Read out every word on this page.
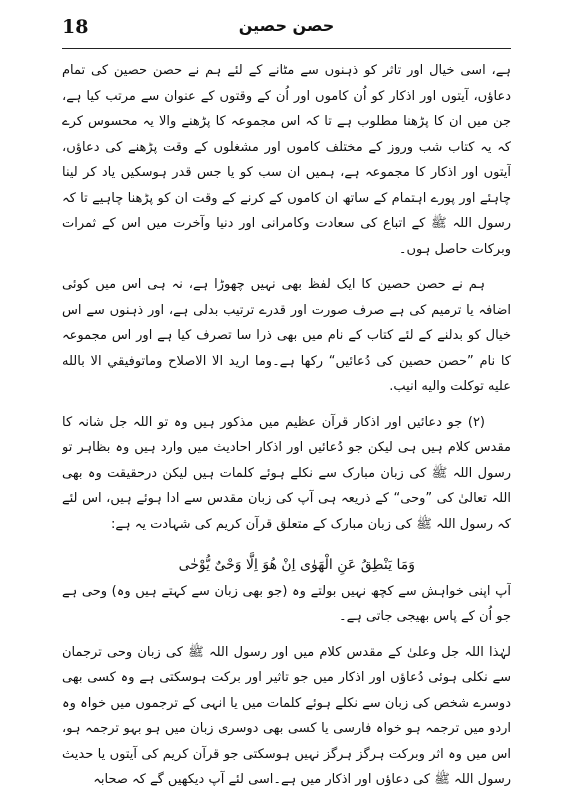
18	حصن حصین

ہے، اسی خیال اور تاثر کو ذہنوں سے مٹانے کے لئے ہم نے حصن حصین کی تمام دعاؤں، آیتوں اور اذکار کو اُن کاموں اور اُن کے وقتوں کے عنوان سے مرتب کیا ہے، جن میں ان کا پڑھنا مطلوب ہے تا کہ اس مجموعہ کا پڑھنے والا یہ محسوس کرے کہ یہ کتاب شب وروز کے مختلف کاموں اور مشغلوں کے وقت پڑھنے کی دعاؤں، آیتوں اور اذکار کا مجموعہ ہے، ہمیں ان سب کو یا جس قدر ہوسکیں یاد کر لینا چاہئے اور پورے اہتمام کے ساتھ ان کاموں کے کرنے کے وقت ان کو پڑھنا چاہیے تا کہ رسول اللہ ﷺ کے اتباع کی سعادت وکامرانی اور دنیا وآخرت میں اس کے ثمرات وبرکات حاصل ہوں۔

ہم نے حصن حصین کا ایک لفظ بھی نہیں چھوڑا ہے، نہ ہی اس میں کوئی اضافہ یا ترمیم کی ہے صرف صورت اور قدرے ترتیب بدلی ہے، اور ذہنوں سے اس خیال کو بدلنے کے لئے کتاب کے نام میں بھی ذرا سا تصرف کیا ہے اور اس مجموعہ کا نام ”حصن حصین کی دُعائیں“ رکھا ہے۔وما اريد الا الاصلاح وماتوفيقي الا بالله عليه توكلت واليه انيب.

(۲) جو دعائیں اور اذکار قرآن عظیم میں مذکور ہیں وہ تو اللہ جل شانہ کا مقدس کلام ہیں ہی لیکن جو دُعائیں اور اذکار احادیث میں وارد ہیں وہ بظاہر تو رسول اللہ ﷺ کی زبان مبارک سے نکلے ہوئے کلمات ہیں لیکن درحقیقت وہ بھی اللہ تعالیٰ کی ”وحی“ کے ذریعہ ہی آپ کی زبان مقدس سے ادا ہوئے ہیں، اس لئے کہ رسول اللہ ﷺ کی زبان مبارک کے متعلق قرآن کریم کی شہادت یہ ہے:

وَمَا يَنْطِقُ عَنِ الْهَوٰى اِنْ هُوَ اِلَّا وَحْىٌ يُّوْحٰى

آپ اپنی خواہش سے کچھ نہیں بولتے وہ (جو بھی زبان سے کہتے ہیں وہ) وحی ہے جو اُن کے پاس بھیجی جاتی ہے۔

لہٰذا اللہ جل وعلیٰ کے مقدس کلام میں اور رسول اللہ ﷺ کی زبان وحی ترجمان سے نکلی ہوئی دُعاؤں اور اذکار میں جو تاثیر اور برکت ہوسکتی ہے وہ کسی بھی دوسرے شخص کی زبان سے نکلے ہوئے کلمات میں یا انہی کے ترجموں میں خواہ وہ اردو میں ترجمہ ہو خواہ فارسی یا کسی بھی دوسری زبان میں ہو بہو ترجمہ ہو، اس میں وہ اثر وبرکت ہرگز ہرگز نہیں ہوسکتی جو قرآن کریم کی آیتوں یا حدیث رسول اللہ ﷺ کی دعاؤں اور اذکار میں ہے۔اسی لئے آپ دیکھیں گے کہ صحابہ
